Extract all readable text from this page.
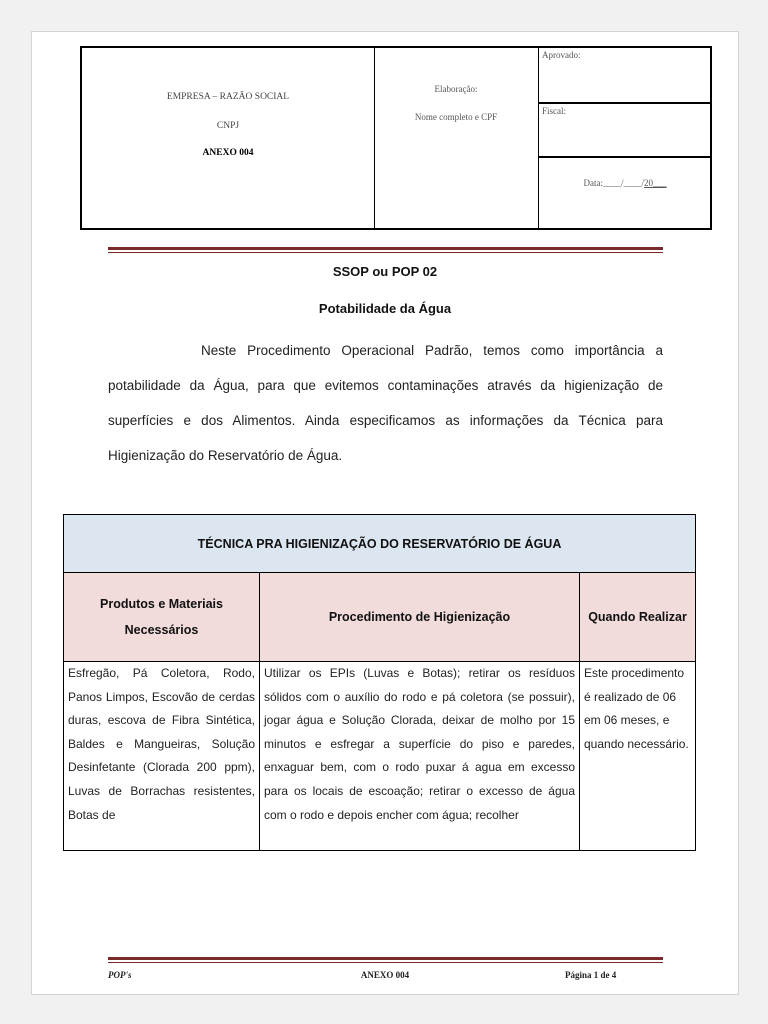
EMPRESA – RAZÃO SOCIAL
CNPJ
ANEXO 004
Elaboração:
Nome completo e CPF
Aprovado:
Fiscal:
Data:____/____/20___
SSOP ou POP 02
Potabilidade da Água

Neste Procedimento Operacional Padrão, temos como importância a potabilidade da Água, para que evitemos contaminações através da higienização de superfícies e dos Alimentos. Ainda especificamos as informações da Técnica para Higienização do Reservatório de Água.

TÉCNICA PRA HIGIENIZAÇÃO DO RESERVATÓRIO DE ÁGUA		
Produtos e Materiais Necessários	Procedimento de Higienização	Quando Realizar
Esfregão, Pá Coletora, Rodo, Panos Limpos, Escovão de cerdas duras, escova de Fibra Sintética, Baldes e Mangueiras, Solução Desinfetante (Clorada 200 ppm), Luvas de Borrachas resistentes, Botas de	Utilizar os EPIs (Luvas e Botas); retirar os resíduos sólidos com o auxílio do rodo e pá coletora (se possuir), jogar água e Solução Clorada, deixar de molho por 15 minutos e esfregar a superfície do piso e paredes, enxaguar bem, com o rodo puxar á agua em excesso para os locais de escoação; retirar o excesso de água com o rodo e depois encher com água; recolher	Este procedimento é realizado de 06 em 06 meses, e quando necessário.
POP's	ANEXO 004	Página 1 de 4
